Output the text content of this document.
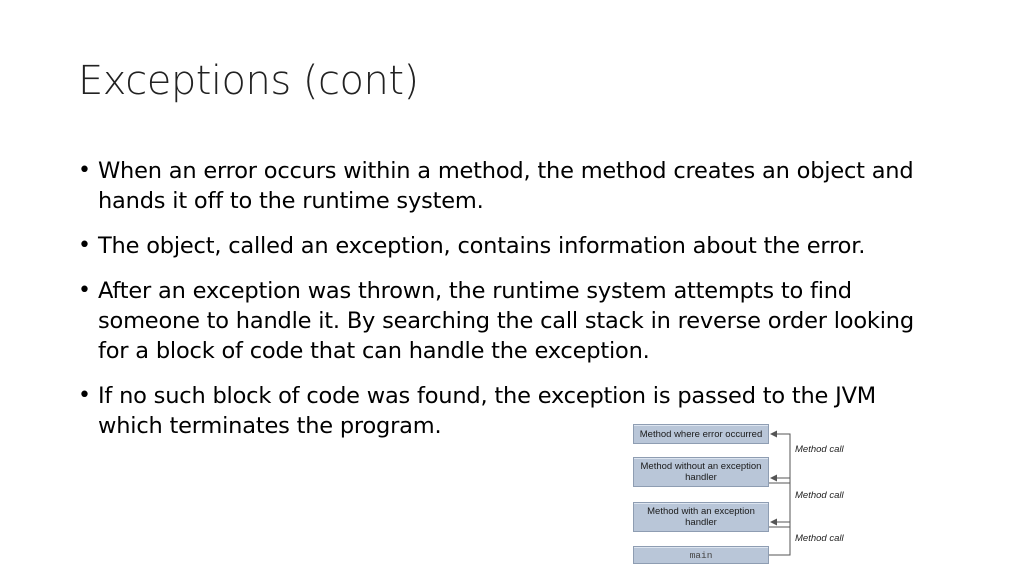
Exceptions (cont)
• When an error occurs within a method, the method creates an object and hands it off to the runtime system.
• The object, called an exception, contains information about the error.
• After an exception was thrown, the runtime system attempts to find someone to handle it. By searching the call stack in reverse order looking for a block of code that can handle the exception.
• If no such block of code was found, the exception is passed to the JVM which terminates the program.	Method where error occurred
Method without an exception handler
Method with an exception handler
main
Method call
Method call
Method call
